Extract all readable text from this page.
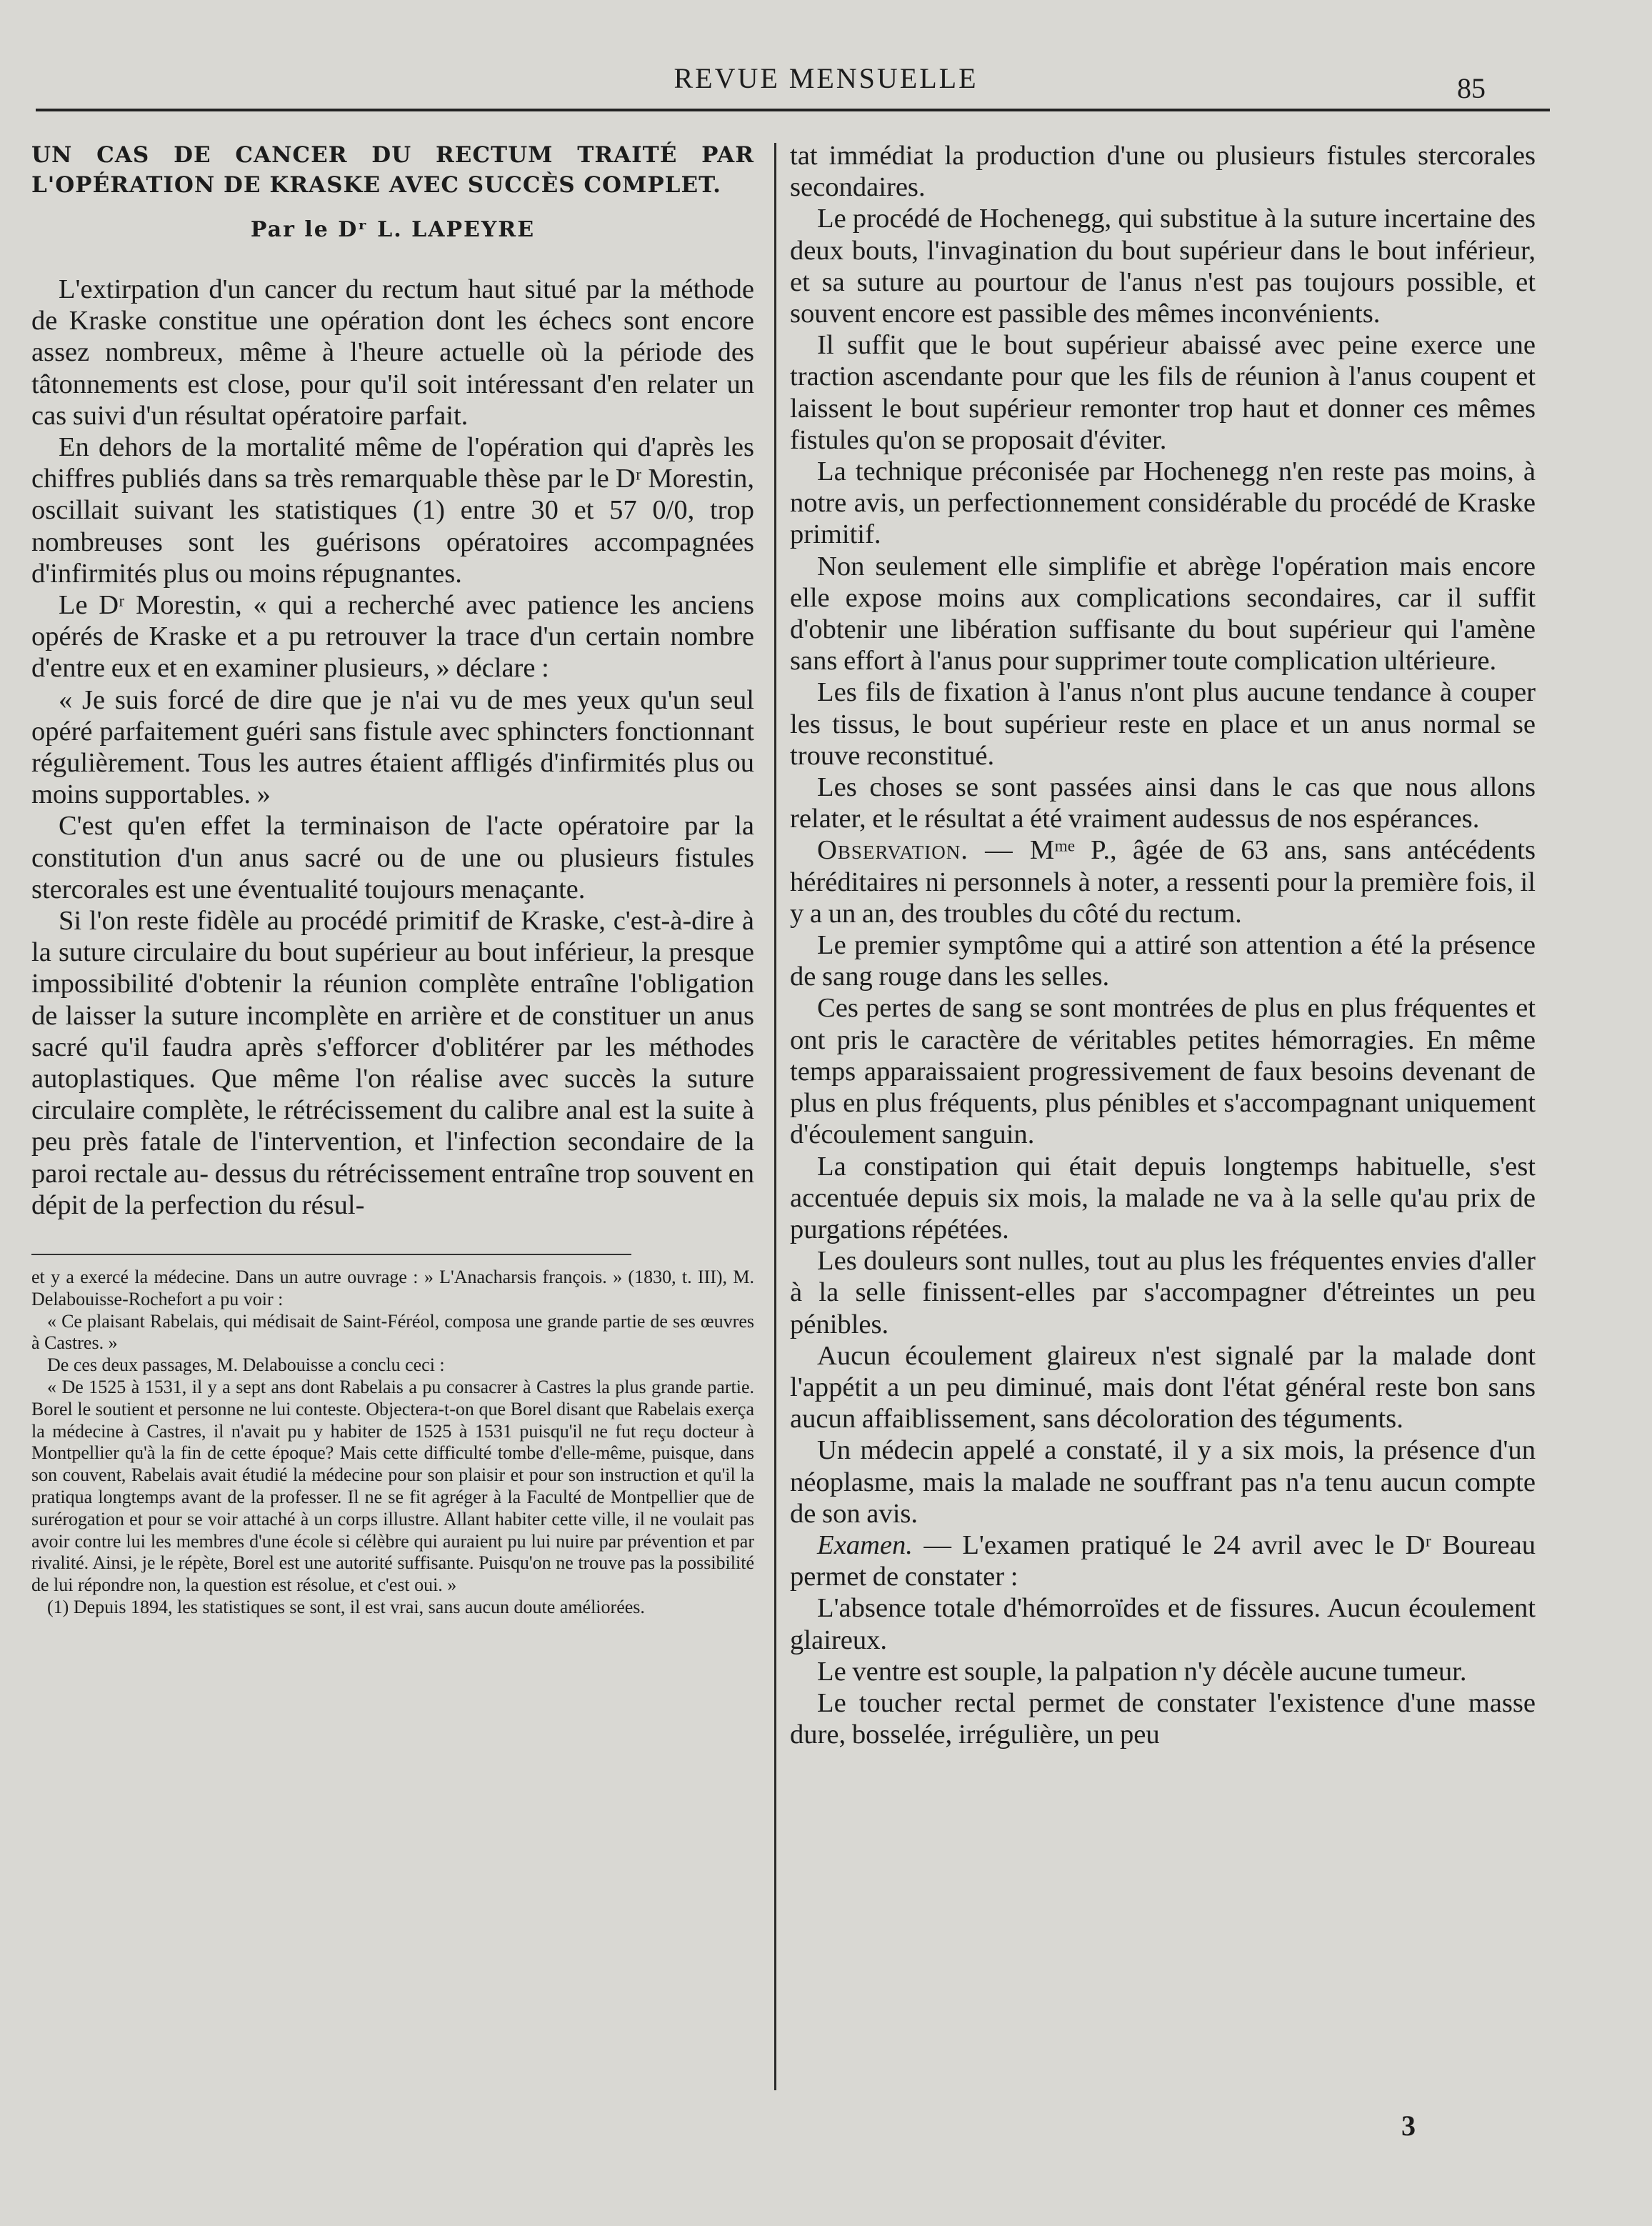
REVUE MENSUELLE	85
UN CAS DE CANCER DU RECTUM TRAITÉ PAR L'OPÉRATION DE KRASKE AVEC SUCCÈS COMPLET.
Par le Dʳ L. LAPEYRE

L'extirpation d'un cancer du rectum haut situé par la méthode de Kraske constitue une opération dont les échecs sont encore assez nombreux, même à l'heure actuelle où la période des tâtonnements est close, pour qu'il soit intéressant d'en relater un cas suivi d'un résultat opératoire parfait.

En dehors de la mortalité même de l'opération qui d'après les chiffres publiés dans sa très remarquable thèse par le Dʳ Morestin, oscillait suivant les statistiques (1) entre 30 et 57 0/0, trop nombreuses sont les guérisons opératoires accompagnées d'infirmités plus ou moins répugnantes.

Le Dʳ Morestin, « qui a recherché avec patience les anciens opérés de Kraske et a pu retrouver la trace d'un certain nombre d'entre eux et en examiner plusieurs, » déclare :

« Je suis forcé de dire que je n'ai vu de mes yeux qu'un seul opéré parfaitement guéri sans fistule avec sphincters fonctionnant régulièrement. Tous les autres étaient affligés d'infirmités plus ou moins supportables. »

C'est qu'en effet la terminaison de l'acte opératoire par la constitution d'un anus sacré ou de une ou plusieurs fistules stercorales est une éventualité toujours menaçante.

Si l'on reste fidèle au procédé primitif de Kraske, c'est-à-dire à la suture circulaire du bout supérieur au bout inférieur, la presque impossibilité d'obtenir la réunion complète entraîne l'obligation de laisser la suture incomplète en arrière et de constituer un anus sacré qu'il faudra après s'efforcer d'oblitérer par les méthodes autoplastiques. Que même l'on réalise avec succès la suture circulaire complète, le rétrécissement du calibre anal est la suite à peu près fatale de l'intervention, et l'infection secondaire de la paroi rectale au- dessus du rétrécissement entraîne trop souvent en dépit de la perfection du résul-

et y a exercé la médecine. Dans un autre ouvrage : » L'Anacharsis françois. » (1830, t. III), M. Delabouisse-Rochefort a pu voir :

« Ce plaisant Rabelais, qui médisait de Saint-Féréol, composa une grande partie de ses œuvres à Castres. »

De ces deux passages, M. Delabouisse a conclu ceci :

« De 1525 à 1531, il y a sept ans dont Rabelais a pu consacrer à Castres la plus grande partie. Borel le soutient et personne ne lui conteste. Objectera-t-on que Borel disant que Rabelais exerça la médecine à Castres, il n'avait pu y habiter de 1525 à 1531 puisqu'il ne fut reçu docteur à Montpellier qu'à la fin de cette époque? Mais cette difficulté tombe d'elle-même, puisque, dans son couvent, Rabelais avait étudié la médecine pour son plaisir et pour son instruction et qu'il la pratiqua longtemps avant de la professer. Il ne se fit agréger à la Faculté de Montpellier que de surérogation et pour se voir attaché à un corps illustre. Allant habiter cette ville, il ne voulait pas avoir contre lui les membres d'une école si célèbre qui auraient pu lui nuire par prévention et par rivalité. Ainsi, je le répète, Borel est une autorité suffisante. Puisqu'on ne trouve pas la possibilité de lui répondre non, la question est résolue, et c'est oui. »

(1) Depuis 1894, les statistiques se sont, il est vrai, sans aucun doute améliorées.

tat immédiat la production d'une ou plusieurs fistules stercorales secondaires.

Le procédé de Hochenegg, qui substitue à la suture incertaine des deux bouts, l'invagination du bout supérieur dans le bout inférieur, et sa suture au pourtour de l'anus n'est pas toujours possible, et souvent encore est passible des mêmes inconvénients.

Il suffit que le bout supérieur abaissé avec peine exerce une traction ascendante pour que les fils de réunion à l'anus coupent et laissent le bout supérieur remonter trop haut et donner ces mêmes fistules qu'on se proposait d'éviter.

La technique préconisée par Hochenegg n'en reste pas moins, à notre avis, un perfectionnement considérable du procédé de Kraske primitif.

Non seulement elle simplifie et abrège l'opération mais encore elle expose moins aux complications secondaires, car il suffit d'obtenir une libération suffisante du bout supérieur qui l'amène sans effort à l'anus pour supprimer toute complication ultérieure.

Les fils de fixation à l'anus n'ont plus aucune tendance à couper les tissus, le bout supérieur reste en place et un anus normal se trouve reconstitué.

Les choses se sont passées ainsi dans le cas que nous allons relater, et le résultat a été vraiment audessus de nos espérances.

Observation. — Mᵐᵉ P., âgée de 63 ans, sans antécédents héréditaires ni personnels à noter, a ressenti pour la première fois, il y a un an, des troubles du côté du rectum.

Le premier symptôme qui a attiré son attention a été la présence de sang rouge dans les selles.

Ces pertes de sang se sont montrées de plus en plus fréquentes et ont pris le caractère de véritables petites hémorragies. En même temps apparaissaient progressivement de faux besoins devenant de plus en plus fréquents, plus pénibles et s'accompagnant uniquement d'écoulement sanguin.

La constipation qui était depuis longtemps habituelle, s'est accentuée depuis six mois, la malade ne va à la selle qu'au prix de purgations répétées.

Les douleurs sont nulles, tout au plus les fréquentes envies d'aller à la selle finissent-elles par s'accompagner d'étreintes un peu pénibles.

Aucun écoulement glaireux n'est signalé par la malade dont l'appétit a un peu diminué, mais dont l'état général reste bon sans aucun affaiblissement, sans décoloration des téguments.

Un médecin appelé a constaté, il y a six mois, la présence d'un néoplasme, mais la malade ne souffrant pas n'a tenu aucun compte de son avis.

Examen. — L'examen pratiqué le 24 avril avec le Dʳ Boureau permet de constater :

L'absence totale d'hémorroïdes et de fissures. Aucun écoulement glaireux.

Le ventre est souple, la palpation n'y décèle aucune tumeur.

Le toucher rectal permet de constater l'existence d'une masse dure, bosselée, irrégulière, un peu

3
